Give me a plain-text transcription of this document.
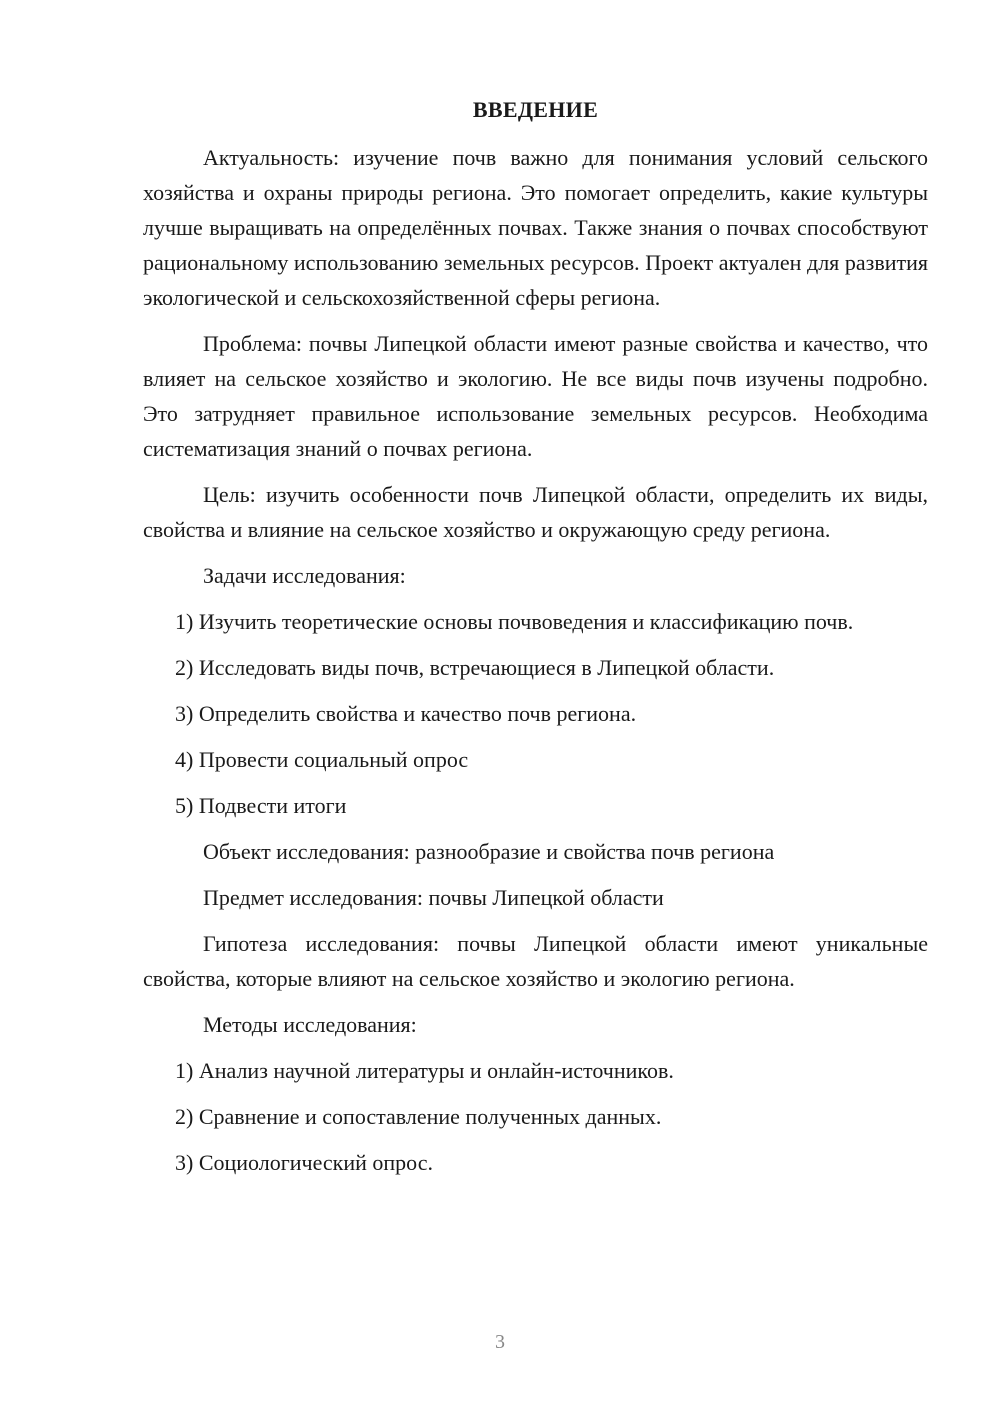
ВВЕДЕНИЕ
Актуальность: изучение почв важно для понимания условий сельского хозяйства и охраны природы региона. Это помогает определить, какие культуры лучше выращивать на определённых почвах. Также знания о почвах способствуют рациональному использованию земельных ресурсов. Проект актуален для развития экологической и сельскохозяйственной сферы региона.
Проблема: почвы Липецкой области имеют разные свойства и качество, что влияет на сельское хозяйство и экологию. Не все виды почв изучены подробно. Это затрудняет правильное использование земельных ресурсов. Необходима систематизация знаний о почвах региона.
Цель: изучить особенности почв Липецкой области, определить их виды, свойства и влияние на сельское хозяйство и окружающую среду региона.
Задачи исследования:
1) Изучить теоретические основы почвоведения и классификацию почв.
2) Исследовать виды почв, встречающиеся в Липецкой области.
3) Определить свойства и качество почв региона.
4) Провести социальный опрос
5) Подвести итоги
Объект исследования: разнообразие и свойства почв региона
Предмет исследования: почвы Липецкой области
Гипотеза исследования: почвы Липецкой области имеют уникальные свойства, которые влияют на сельское хозяйство и экологию региона.
Методы исследования:
1) Анализ научной литературы и онлайн-источников.
2) Сравнение и сопоставление полученных данных.
3) Социологический опрос.
3
